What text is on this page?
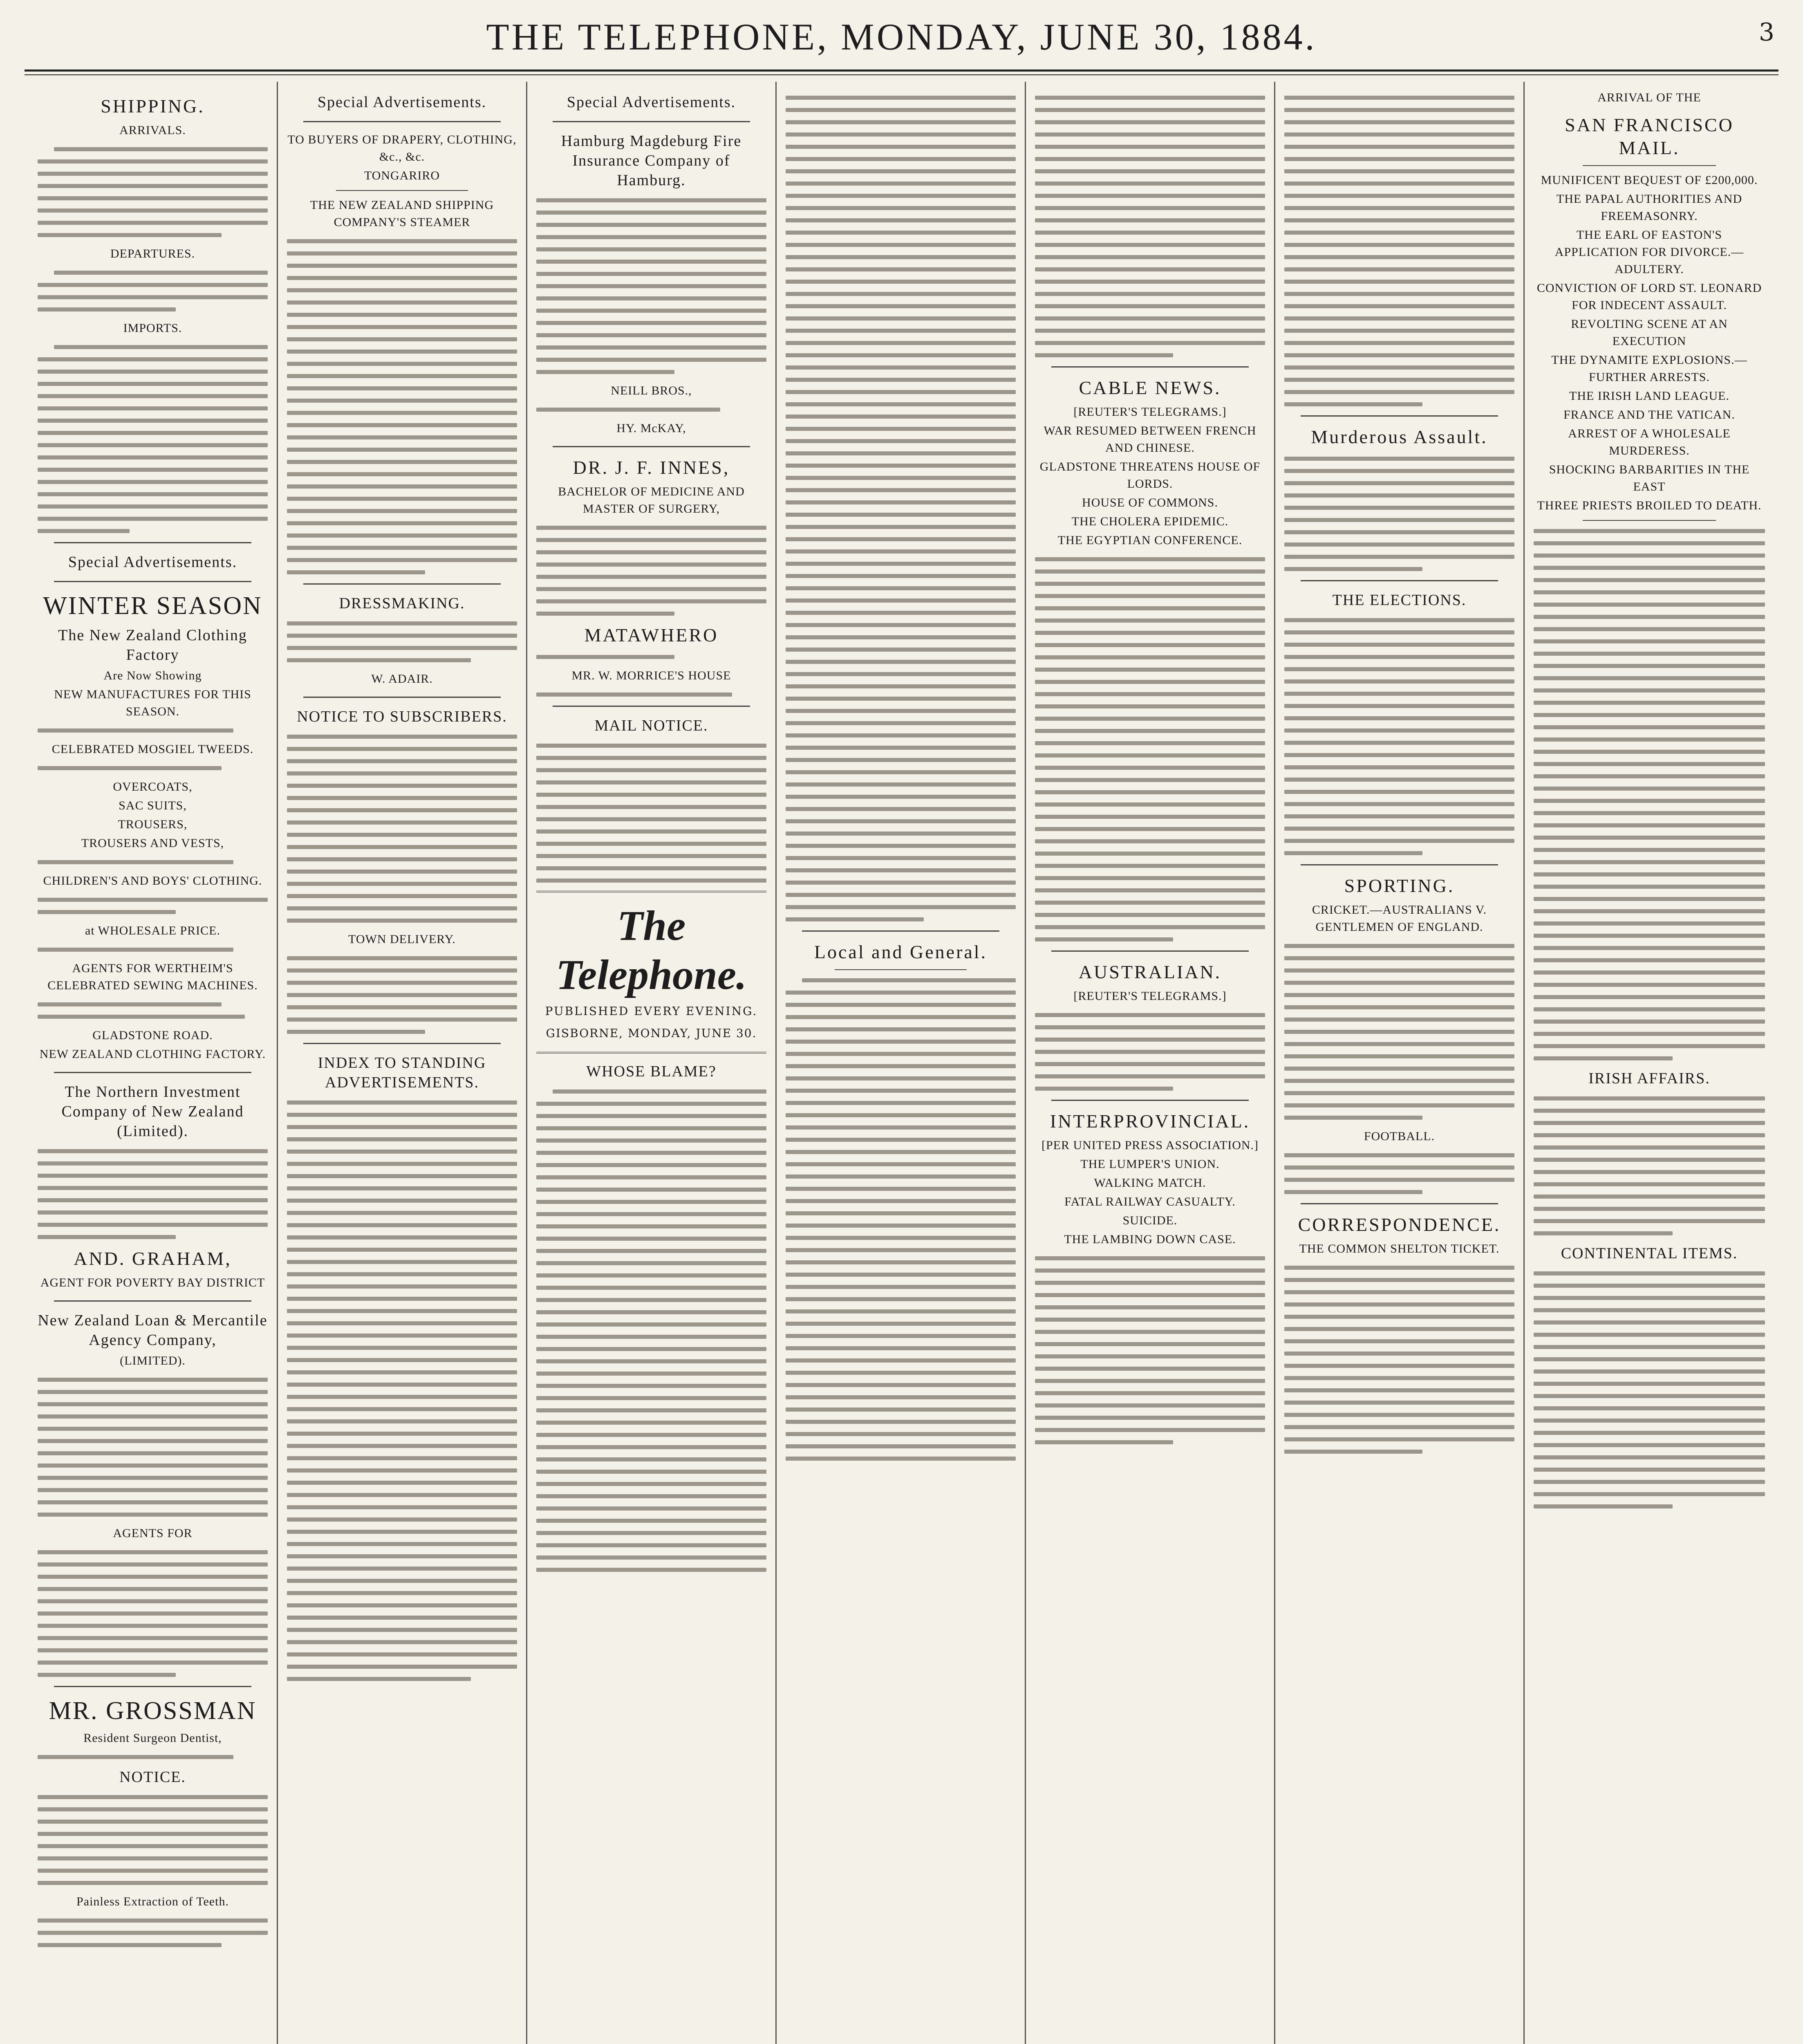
THE TELEPHONE, MONDAY, JUNE 30, 1884.	3
SHIPPING.
ARRIVALS.
DEPARTURES.
IMPORTS.
Special Advertisements.
WINTER SEASON
The New Zealand Clothing Factory
Are Now Showing
NEW MANUFACTURES FOR THIS SEASON.
CELEBRATED MOSGIEL TWEEDS.
OVERCOATS,
SAC SUITS,
TROUSERS,
TROUSERS AND VESTS,
CHILDREN'S AND BOYS' CLOTHING.
at WHOLESALE PRICE.
AGENTS FOR WERTHEIM'S CELEBRATED SEWING MACHINES.
GLADSTONE ROAD.
NEW ZEALAND CLOTHING FACTORY.
The Northern Investment Company of New Zealand (Limited).
AND. GRAHAM,
AGENT FOR POVERTY BAY DISTRICT
New Zealand Loan & Mercantile Agency Company,
(LIMITED).
AGENTS FOR
MR. GROSSMAN
Resident Surgeon Dentist,
NOTICE.
Painless Extraction of Teeth.
Special Advertisements.
TO BUYERS OF DRAPERY, CLOTHING, &c., &c.
TONGARIRO
THE NEW ZEALAND SHIPPING COMPANY'S STEAMER
DRESSMAKING.
W. ADAIR.
NOTICE TO SUBSCRIBERS.
TOWN DELIVERY.
INDEX TO STANDING ADVERTISEMENTS.
Special Advertisements.
Hamburg Magdeburg Fire Insurance Company of Hamburg.
NEILL BROS.,
HY. McKAY,
DR. J. F. INNES,
BACHELOR OF MEDICINE AND MASTER OF SURGERY,
MATAWHERO
MR. W. MORRICE'S HOUSE
MAIL NOTICE.
The Telephone.
PUBLISHED EVERY EVENING.
GISBORNE, MONDAY, JUNE 30.
WHOSE BLAME?
Local and General.
CABLE NEWS.
[REUTER'S TELEGRAMS.]
WAR RESUMED BETWEEN FRENCH AND CHINESE.
GLADSTONE THREATENS HOUSE OF LORDS.
HOUSE OF COMMONS.
THE CHOLERA EPIDEMIC.
THE EGYPTIAN CONFERENCE.
AUSTRALIAN.
[REUTER'S TELEGRAMS.]
INTERPROVINCIAL.
[PER UNITED PRESS ASSOCIATION.]
THE LUMPER'S UNION.
WALKING MATCH.
FATAL RAILWAY CASUALTY.
SUICIDE.
THE LAMBING DOWN CASE.
Murderous Assault.
THE ELECTIONS.
SPORTING.
CRICKET.—AUSTRALIANS V. GENTLEMEN OF ENGLAND.
FOOTBALL.
CORRESPONDENCE.
THE COMMON SHELTON TICKET.
ARRIVAL OF THE
SAN FRANCISCO MAIL.
MUNIFICENT BEQUEST OF £200,000.
THE PAPAL AUTHORITIES AND FREEMASONRY.
THE EARL OF EASTON'S APPLICATION FOR DIVORCE.—ADULTERY.
CONVICTION OF LORD ST. LEONARD FOR INDECENT ASSAULT.
REVOLTING SCENE AT AN EXECUTION
THE DYNAMITE EXPLOSIONS.—FURTHER ARRESTS.
THE IRISH LAND LEAGUE.
FRANCE AND THE VATICAN.
ARREST OF A WHOLESALE MURDERESS.
SHOCKING BARBARITIES IN THE EAST
THREE PRIESTS BROILED TO DEATH.
IRISH AFFAIRS.
CONTINENTAL ITEMS.
